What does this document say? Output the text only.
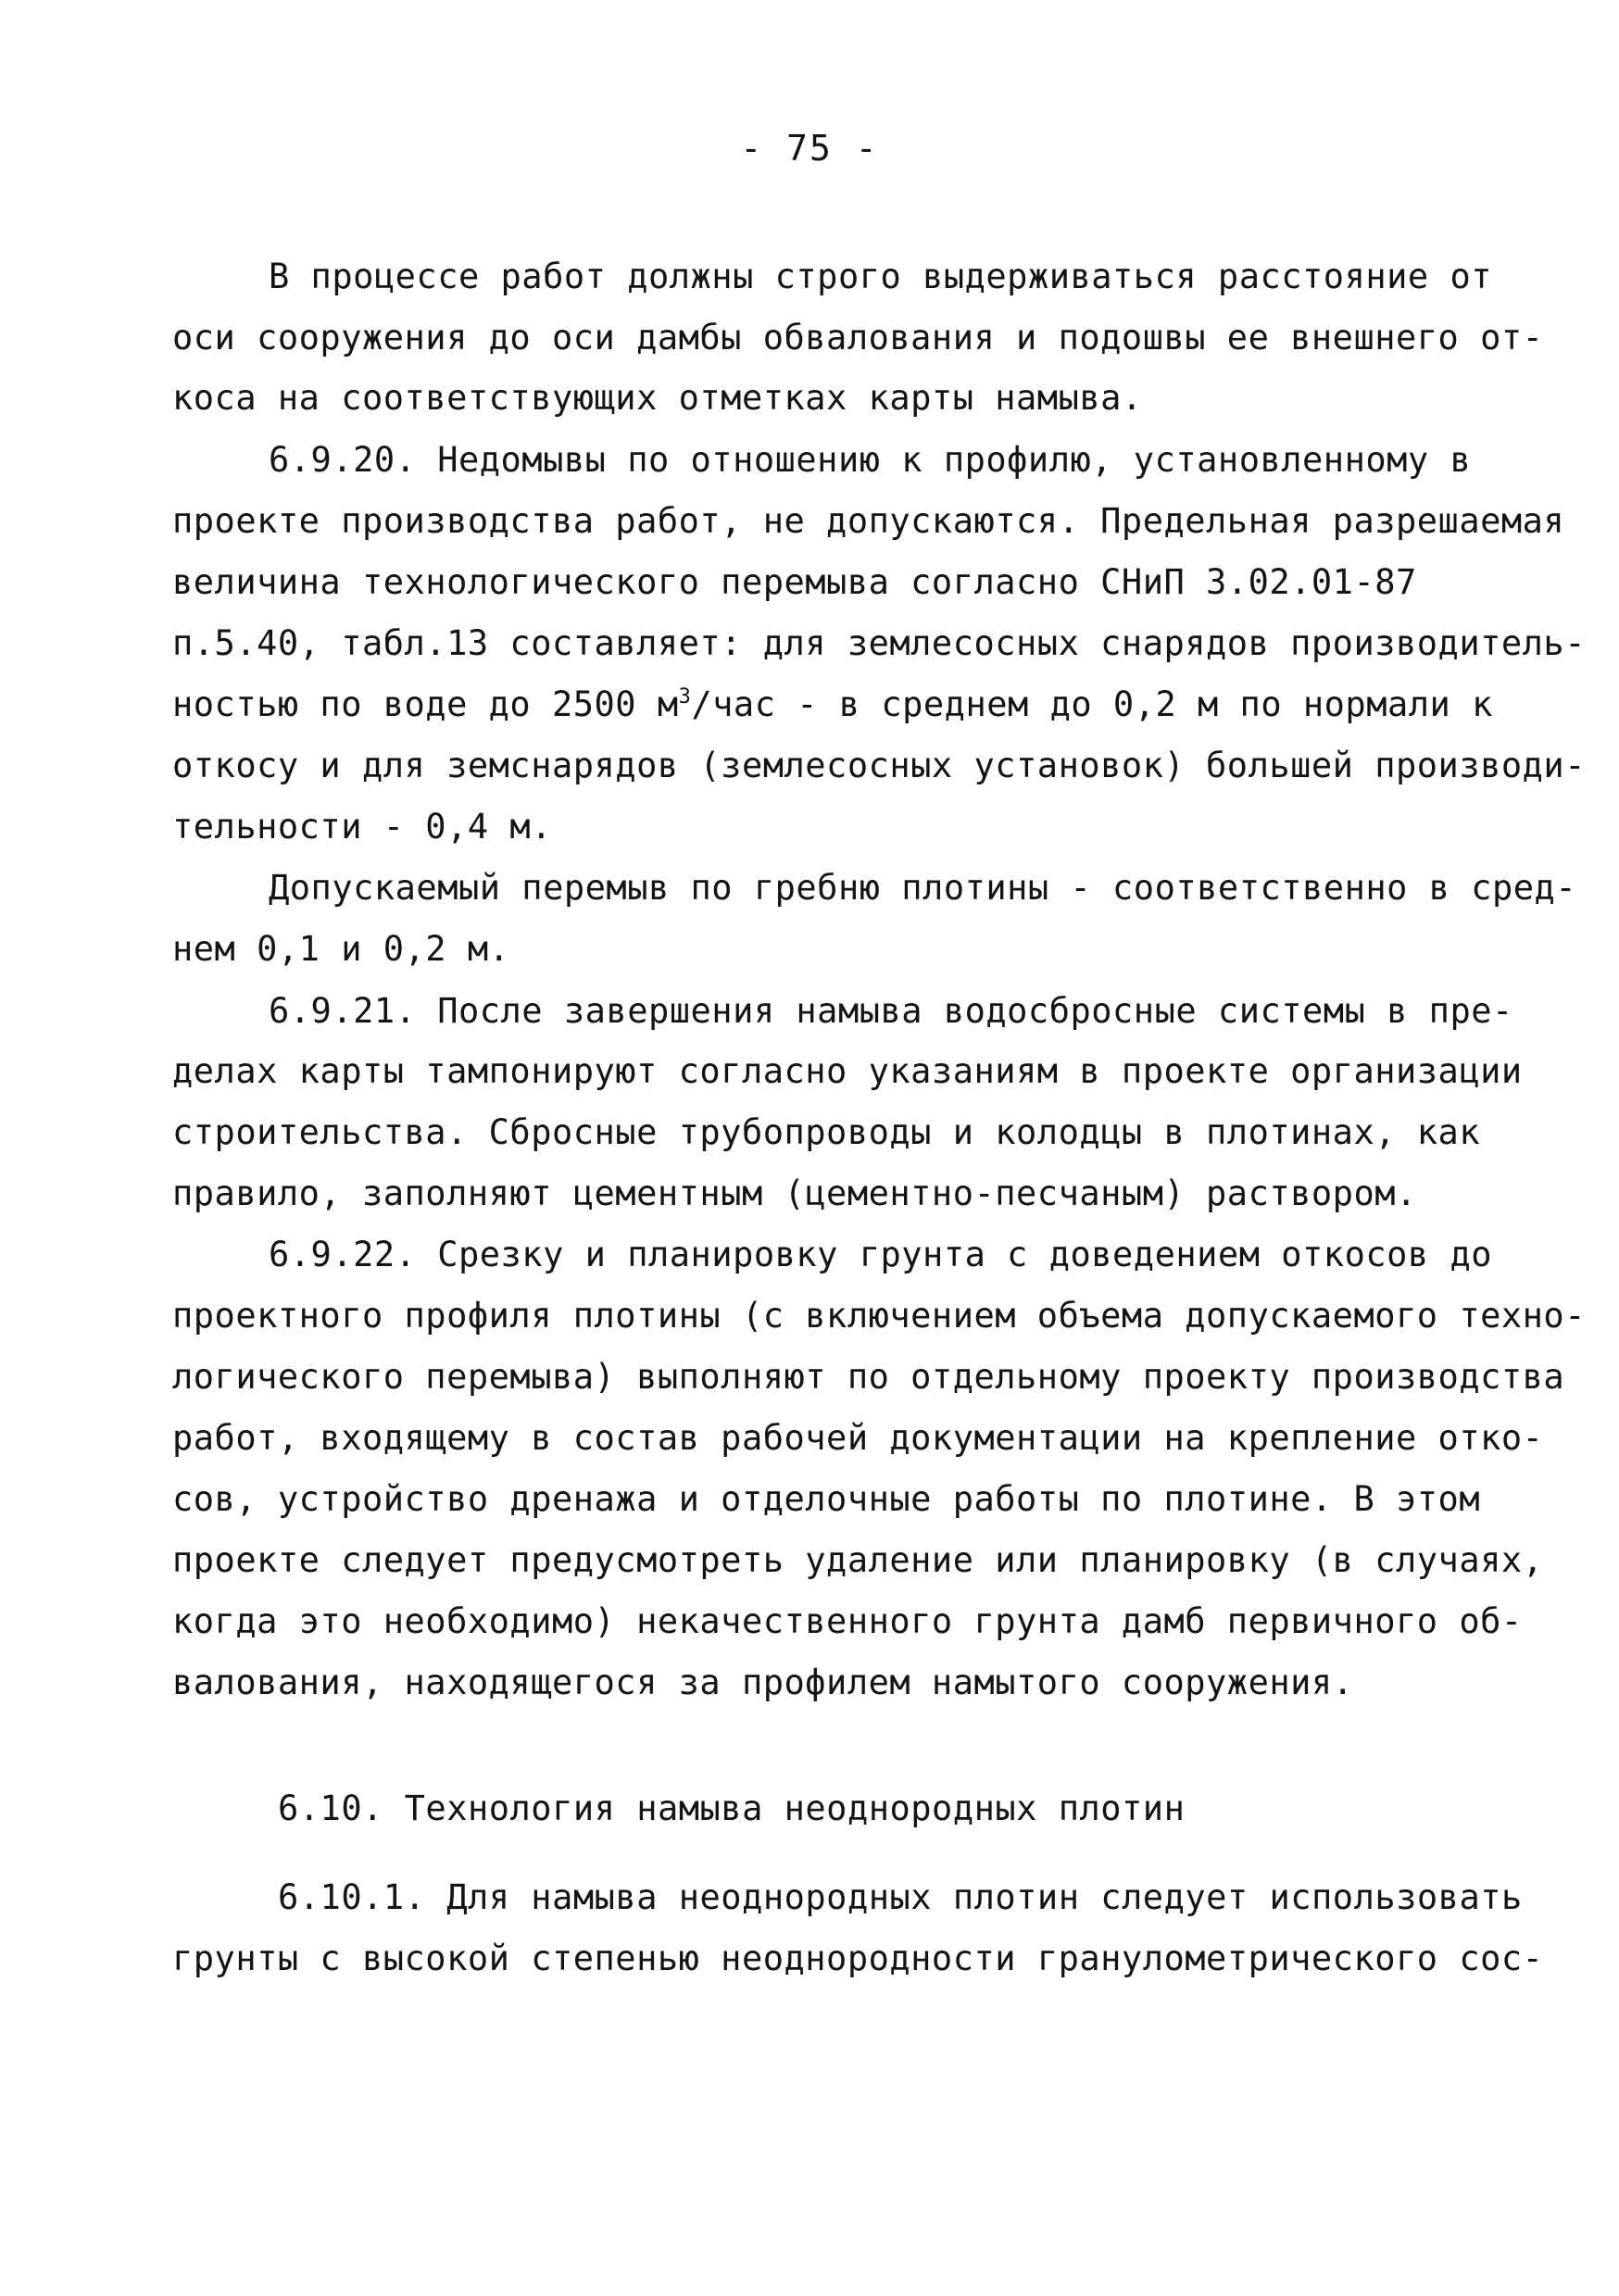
- 75 -
В процессе работ должны строго выдерживаться расстояние от
оси сооружения до оси дамбы обвалования и подошвы ее внешнего от-
коса на соответствующих отметках карты намыва.
6.9.20. Недомывы по отношению к профилю, установленному в
проекте производства работ, не допускаются. Предельная разрешаемая
величина технологического перемыва согласно СНиП 3.02.01-87
п.5.40, табл.13 составляет: для землесосных снарядов производитель-
ностью по воде до 2500 $м^3$/час - в среднем до 0,2 м по нормали к
откосу и для земснарядов (землесосных установок) большей производи-
тельности - 0,4 м.
Допускаемый перемыв по гребню плотины - соответственно в сред-
нем 0,1 и 0,2 м.
6.9.21. После завершения намыва водосбросные системы в пре-
делах карты тампонируют согласно указаниям в проекте организации
строительства. Сбросные трубопроводы и колодцы в плотинах, как
правило, заполняют цементным (цементно-песчаным) раствором.
6.9.22. Срезку и планировку грунта с доведением откосов до
проектного профиля плотины (с включением объема допускаемого техно-
логического перемыва) выполняют по отдельному проекту производства
работ, входящему в состав рабочей документации на крепление отко-
сов, устройство дренажа и отделочные работы по плотине. В этом
проекте следует предусмотреть удаление или планировку (в случаях,
когда это необходимо) некачественного грунта дамб первичного об-
валования, находящегося за профилем намытого сооружения.
6.10. Технология намыва неоднородных плотин
6.10.1. Для намыва неоднородных плотин следует использовать
грунты с высокой степенью неоднородности гранулометрического сос-
